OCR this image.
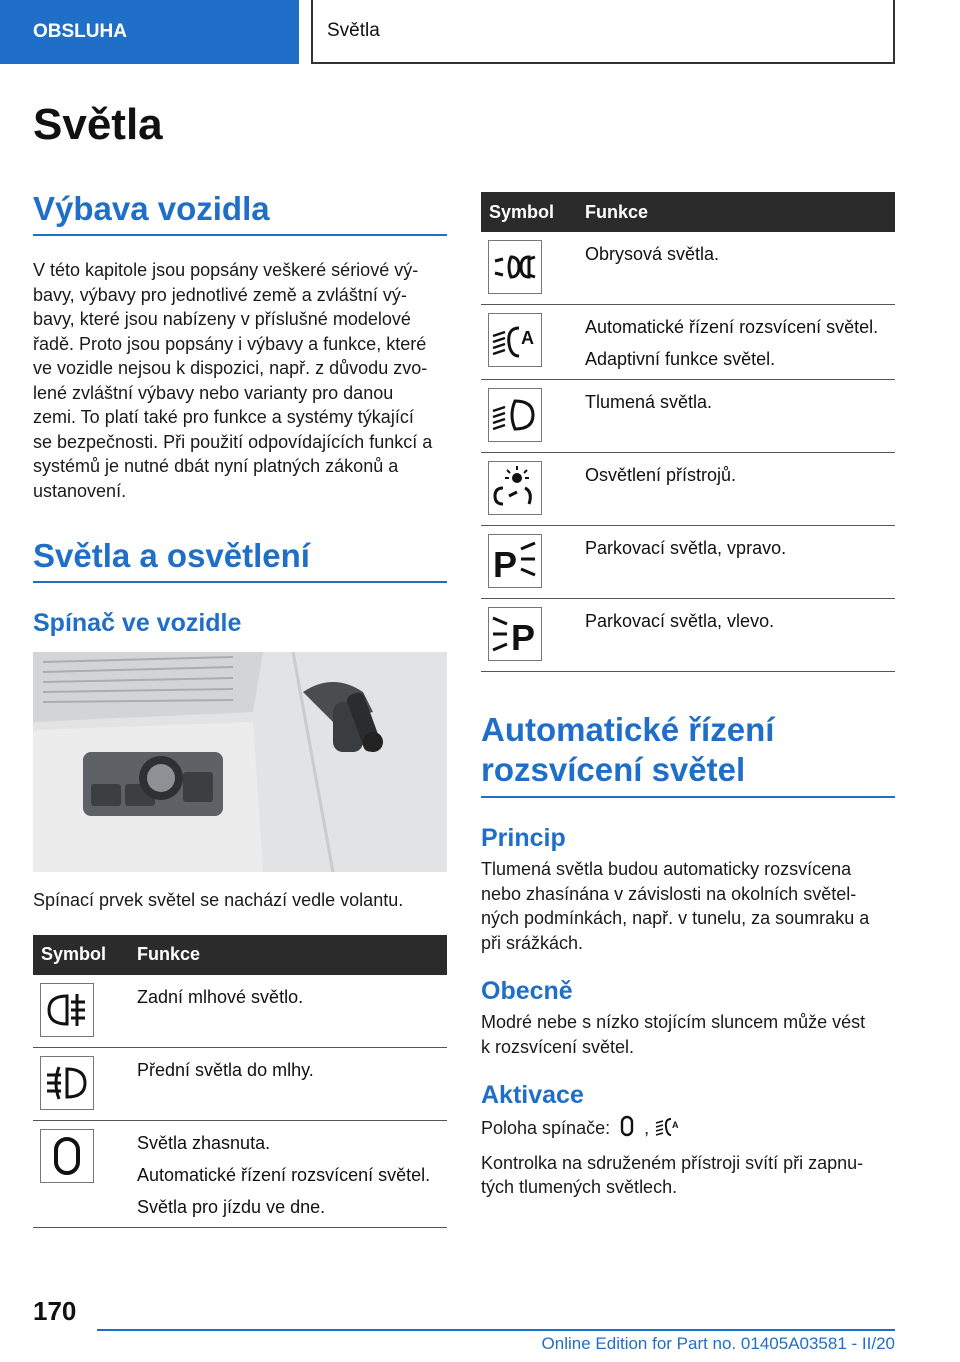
OBSLUHA	Světla
Světla
Výbava vozidla

V této kapitole jsou popsány veškeré sériové vý-
bavy, výbavy pro jednotlivé země a zvláštní vý-
bavy, které jsou nabízeny v příslušné modelové
řadě. Proto jsou popsány i výbavy a funkce, které
ve vozidle nejsou k dispozici, např. z důvodu zvo-
lené zvláštní výbavy nebo varianty pro danou
zemi. To platí také pro funkce a systémy týkající
se bezpečnosti. Při použití odpovídajících funkcí a
systémů je nutné dbát nyní platných zákonů a
ustanovení.

Světla a osvětlení
Spínač ve vozidle

Spínací prvek světel se nachází vedle volantu.

Symbol	Funkce

Zadní mlhové světlo.

Přední světla do mlhy.

Světla zhasnuta.
Automatické řízení rozsvícení světel.
Světla pro jízdu ve dne.
Symbol	Funkce

Obrysová světla.

A	Automatické řízení rozsvícení světel.
Adaptivní funkce světel.

Tlumená světla.

Osvětlení přístrojů.

P	Parkovací světla, vpravo.

P	Parkovací světla, vlevo.
Automatické řízení
rozsvícení světel
Princip

Tlumená světla budou automaticky rozsvícena
nebo zhasínána v závislosti na okolních světel-
ných podmínkách, např. v tunelu, za soumraku a
při srážkách.

Obecně

Modré nebe s nízko stojícím sluncem může vést
k rozsvícení světel.

Aktivace

Poloha spínače: ,	A

Kontrolka na sdruženém přístroji svítí při zapnu-
tých tlumených světlech.

170
Online Edition for Part no. 01405A03581 - II/20
